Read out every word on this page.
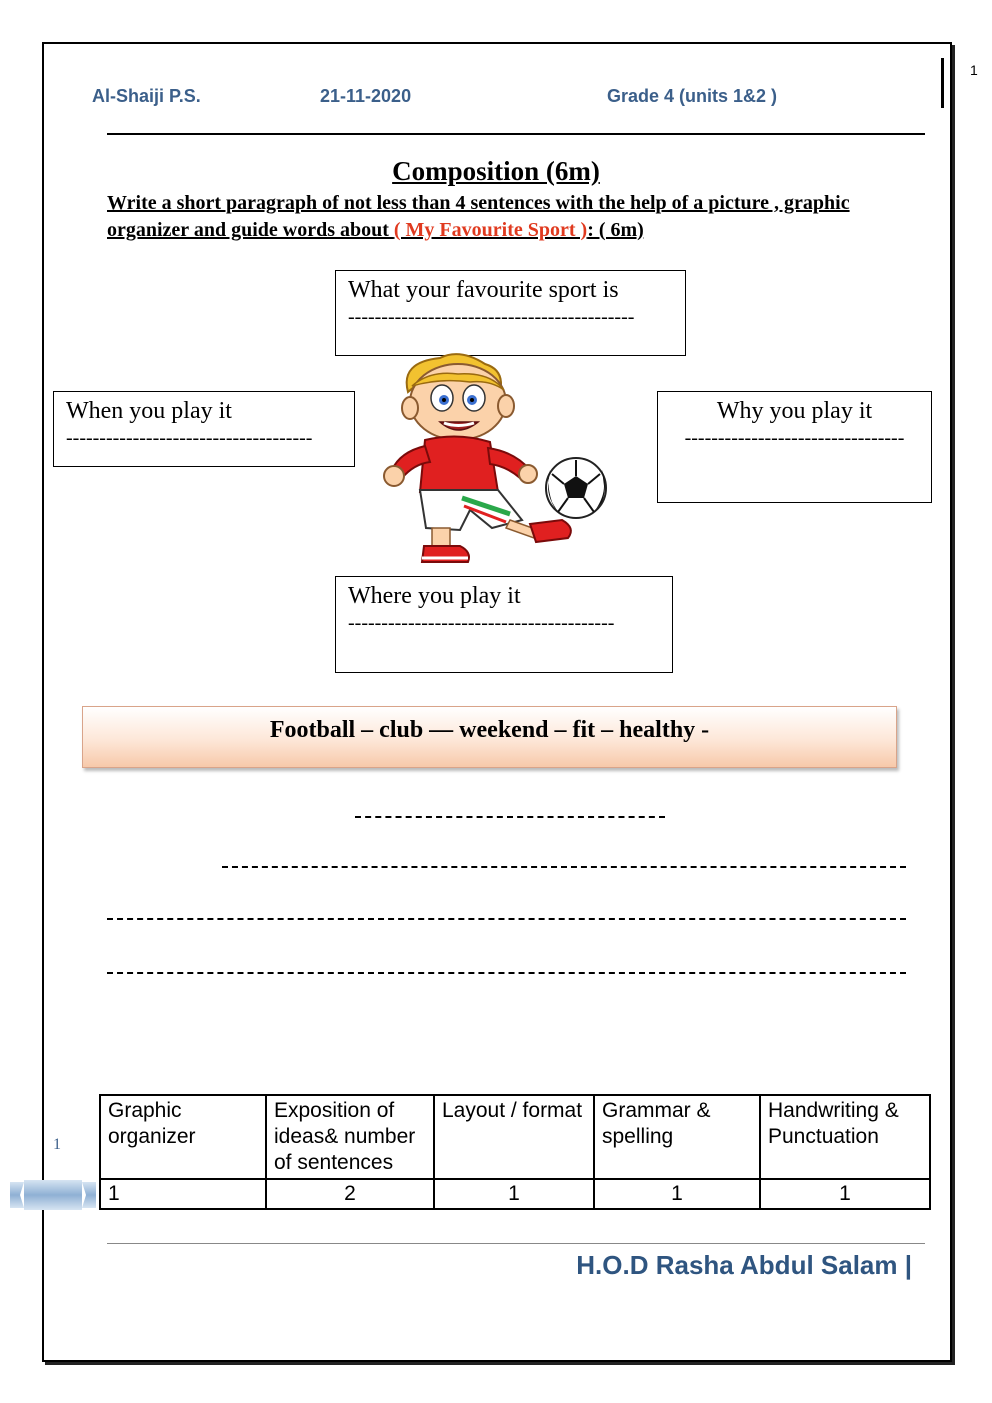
1
Al-Shaiji P.S.	21-11-2020	Grade 4 (units 1&2 )
Composition (6m)
Write a short paragraph of not less than 4 sentences with the help of a picture , graphic organizer and guide words about ( My Favourite Sport ): ( 6m)
What your favourite sport is
-------------------------------------------
When you play it
-------------------------------------
Why you play it
---------------------------------
Where you play it
----------------------------------------
Football – club — weekend – fit – healthy -
Graphic organizer	Exposition of ideas& number of sentences	Layout / format	Grammar & spelling	Handwriting & Punctuation
1	2	1	1	1
1
H.O.D Rasha Abdul Salam |
